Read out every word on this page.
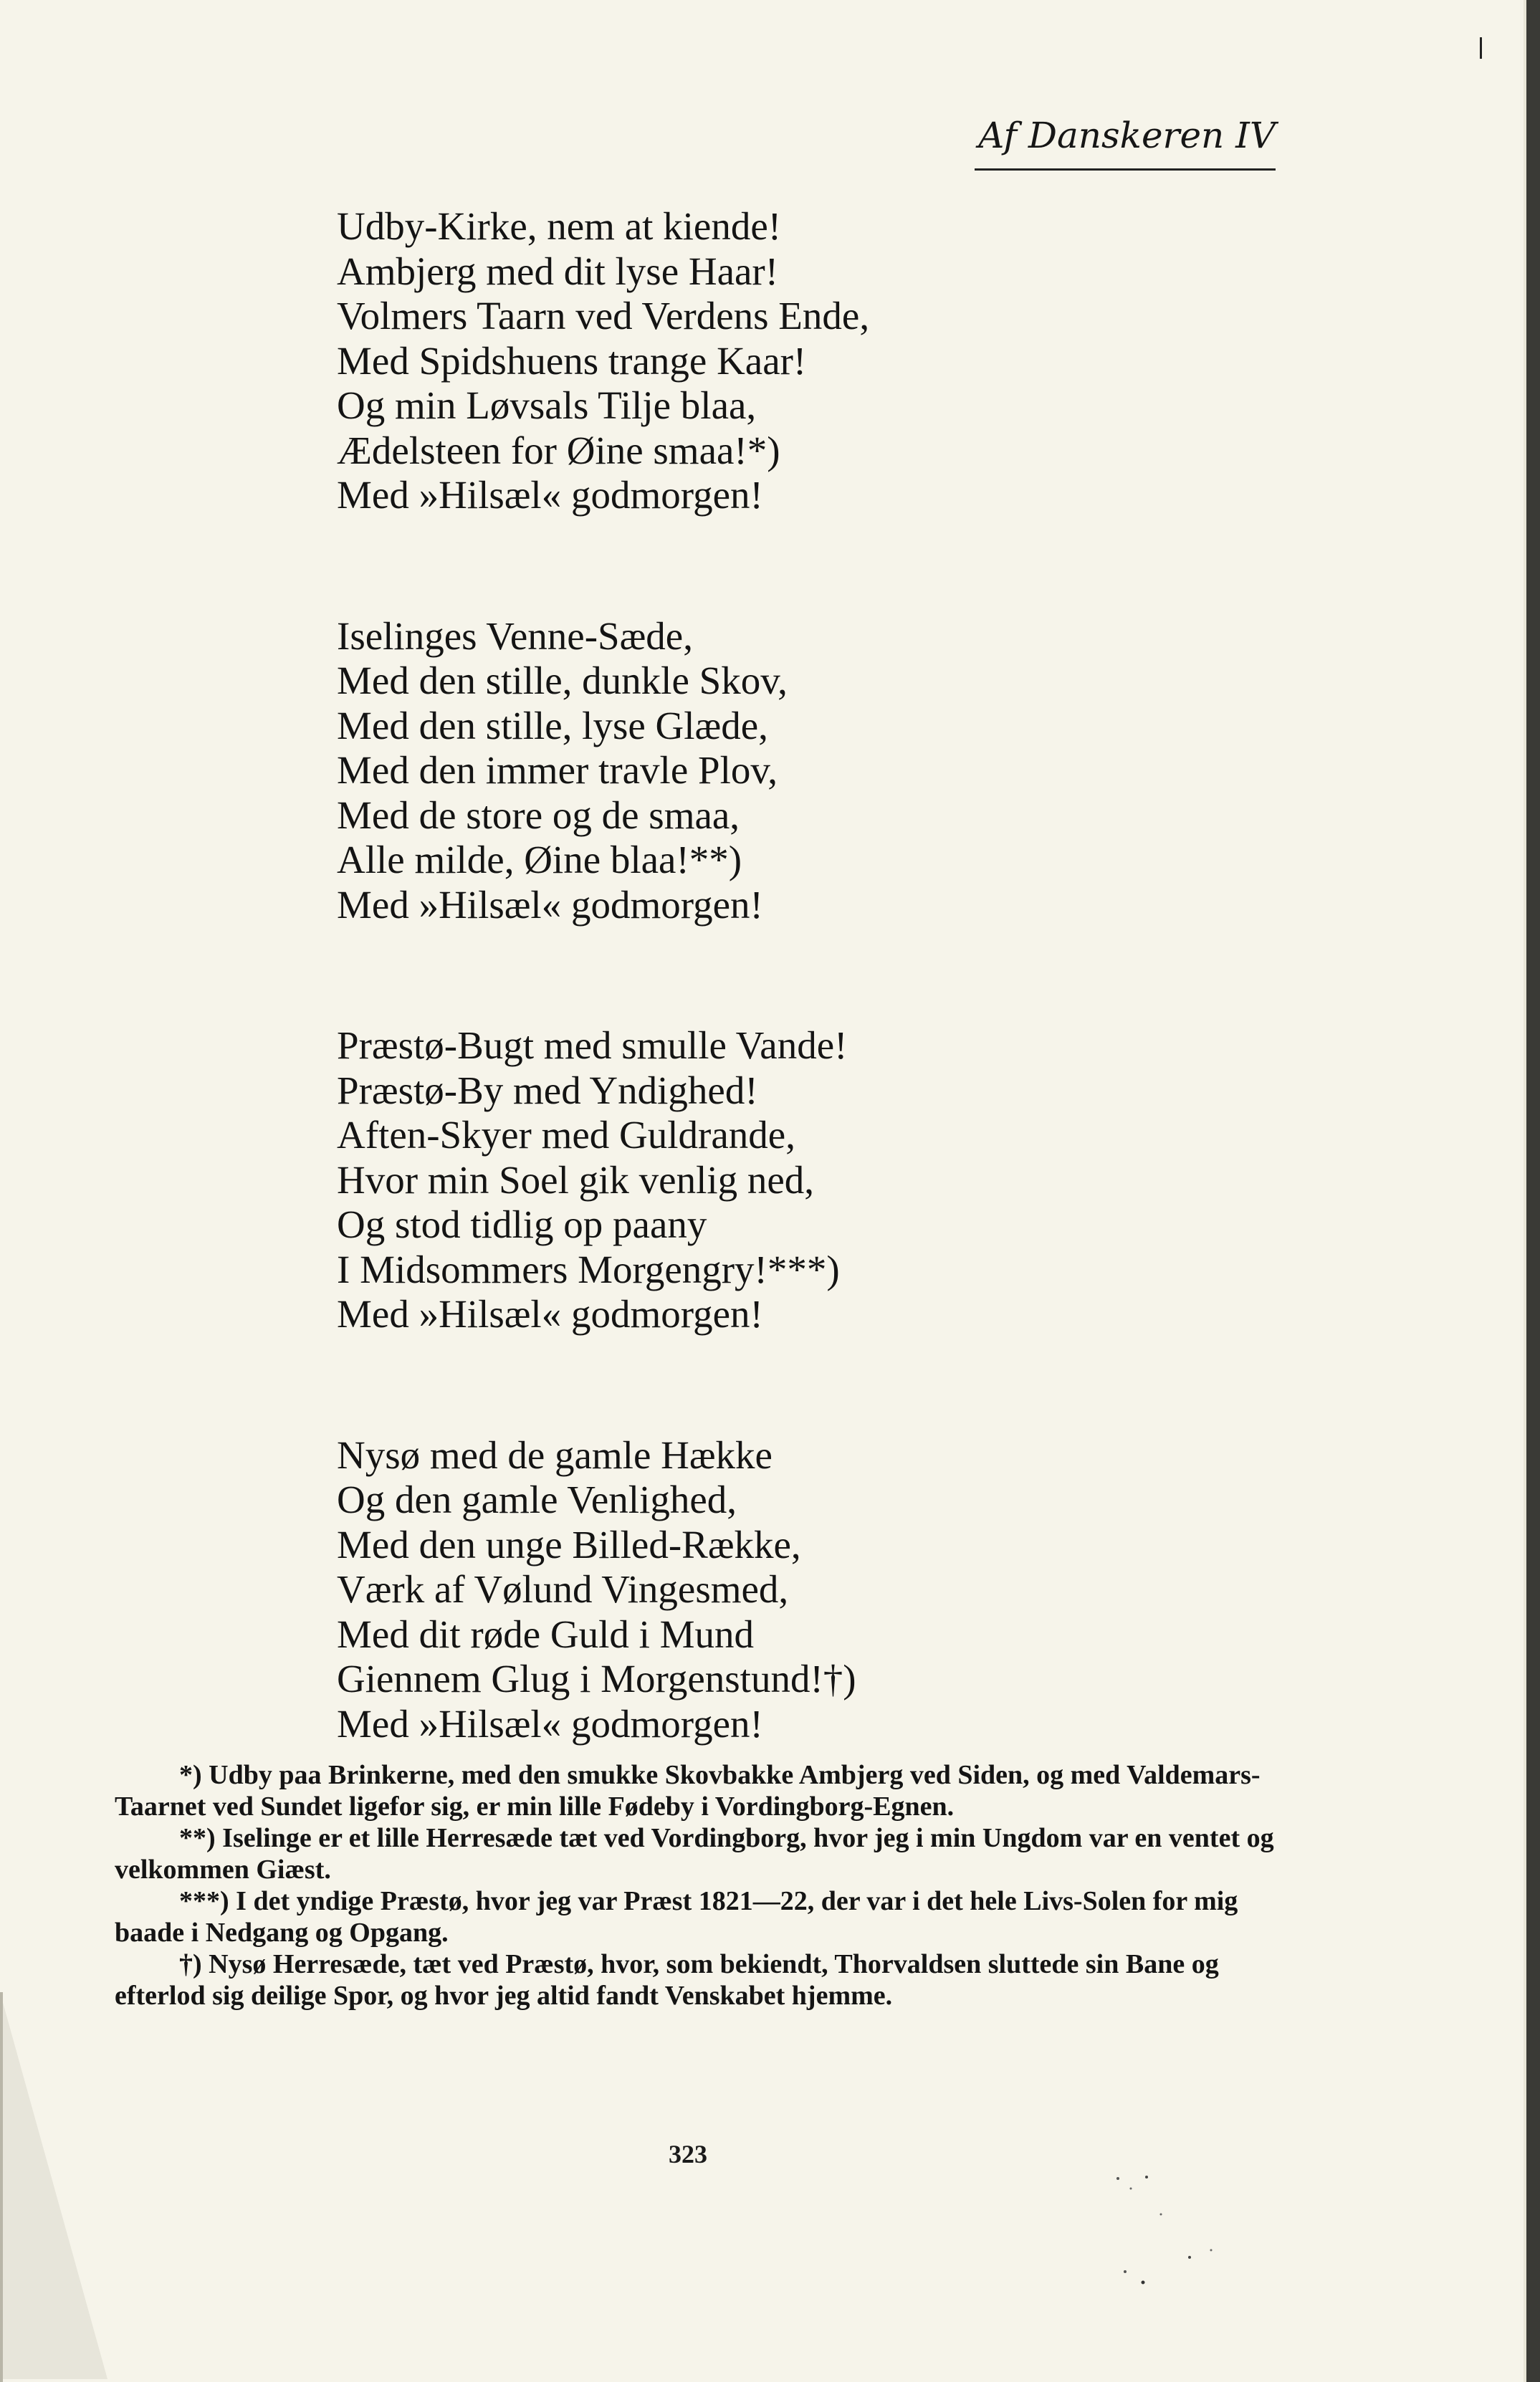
Af Danskeren IV
Udby-Kirke, nem at kiende!
Ambjerg med dit lyse Haar!
Volmers Taarn ved Verdens Ende,
Med Spidshuens trange Kaar!
Og min Løvsals Tilje blaa,
Ædelsteen for Øine smaa!*)
Med »Hilsæl« godmorgen!
Iselinges Venne-Sæde,
Med den stille, dunkle Skov,
Med den stille, lyse Glæde,
Med den immer travle Plov,
Med de store og de smaa,
Alle milde, Øine blaa!**)
Med »Hilsæl« godmorgen!
Præstø-Bugt med smulle Vande!
Præstø-By med Yndighed!
Aften-Skyer med Guldrande,
Hvor min Soel gik venlig ned,
Og stod tidlig op paany
I Midsommers Morgengry!***)
Med »Hilsæl« godmorgen!
Nysø med de gamle Hække
Og den gamle Venlighed,
Med den unge Billed-Række,
Værk af Vølund Vingesmed,
Med dit røde Guld i Mund
Giennem Glug i Morgenstund!†)
Med »Hilsæl« godmorgen!

*) Udby paa Brinkerne, med den smukke Skovbakke Ambjerg ved Siden, og med Valdemars-Taarnet ved Sundet ligefor sig, er min lille Fødeby i Vordingborg-Egnen.

**) Iselinge er et lille Herresæde tæt ved Vordingborg, hvor jeg i min Ungdom var en ventet og velkommen Giæst.

***) I det yndige Præstø, hvor jeg var Præst 1821—22, der var i det hele Livs-Solen for mig baade i Nedgang og Opgang.

†) Nysø Herresæde, tæt ved Præstø, hvor, som bekiendt, Thorvaldsen sluttede sin Bane og efterlod sig deilige Spor, og hvor jeg altid fandt Venskabet hjemme.

323
